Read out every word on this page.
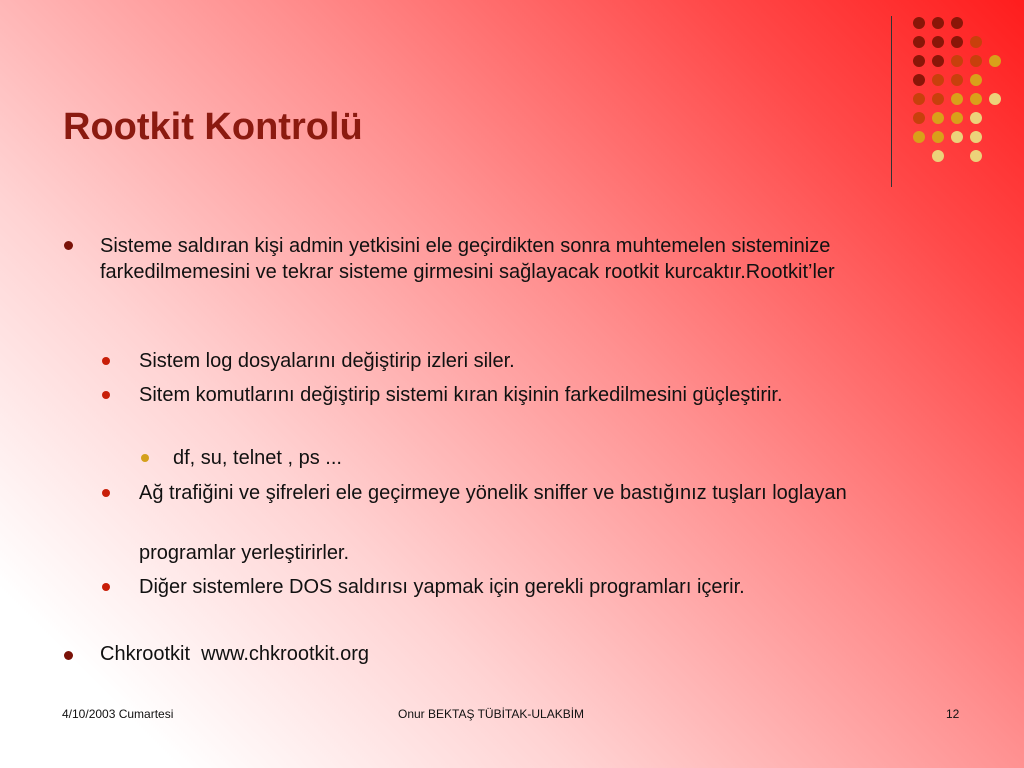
Rootkit Kontrolü
Sisteme saldıran kişi admin yetkisini ele geçirdikten sonra muhtemelen sisteminize farkedilmemesini ve tekrar sisteme girmesini sağlayacak rootkit kurcaktır.Rootkit’ler
Sistem log dosyalarını değiştirip izleri siler.
Sitem komutlarını değiştirip sistemi kıran kişinin farkedilmesini güçleştirir.
df, su, telnet , ps ...
Ağ trafiğini ve şifreleri ele geçirmeye yönelik sniffer ve bastığınız tuşları loglayan
programlar yerleştirirler.
Diğer sistemlere DOS saldırısı yapmak için gerekli programları içerir.
Chkrootkit  www.chkrootkit.org
4/10/2003 Cumartesi	Onur BEKTAŞ TÜBİTAK-ULAKBİM	12
